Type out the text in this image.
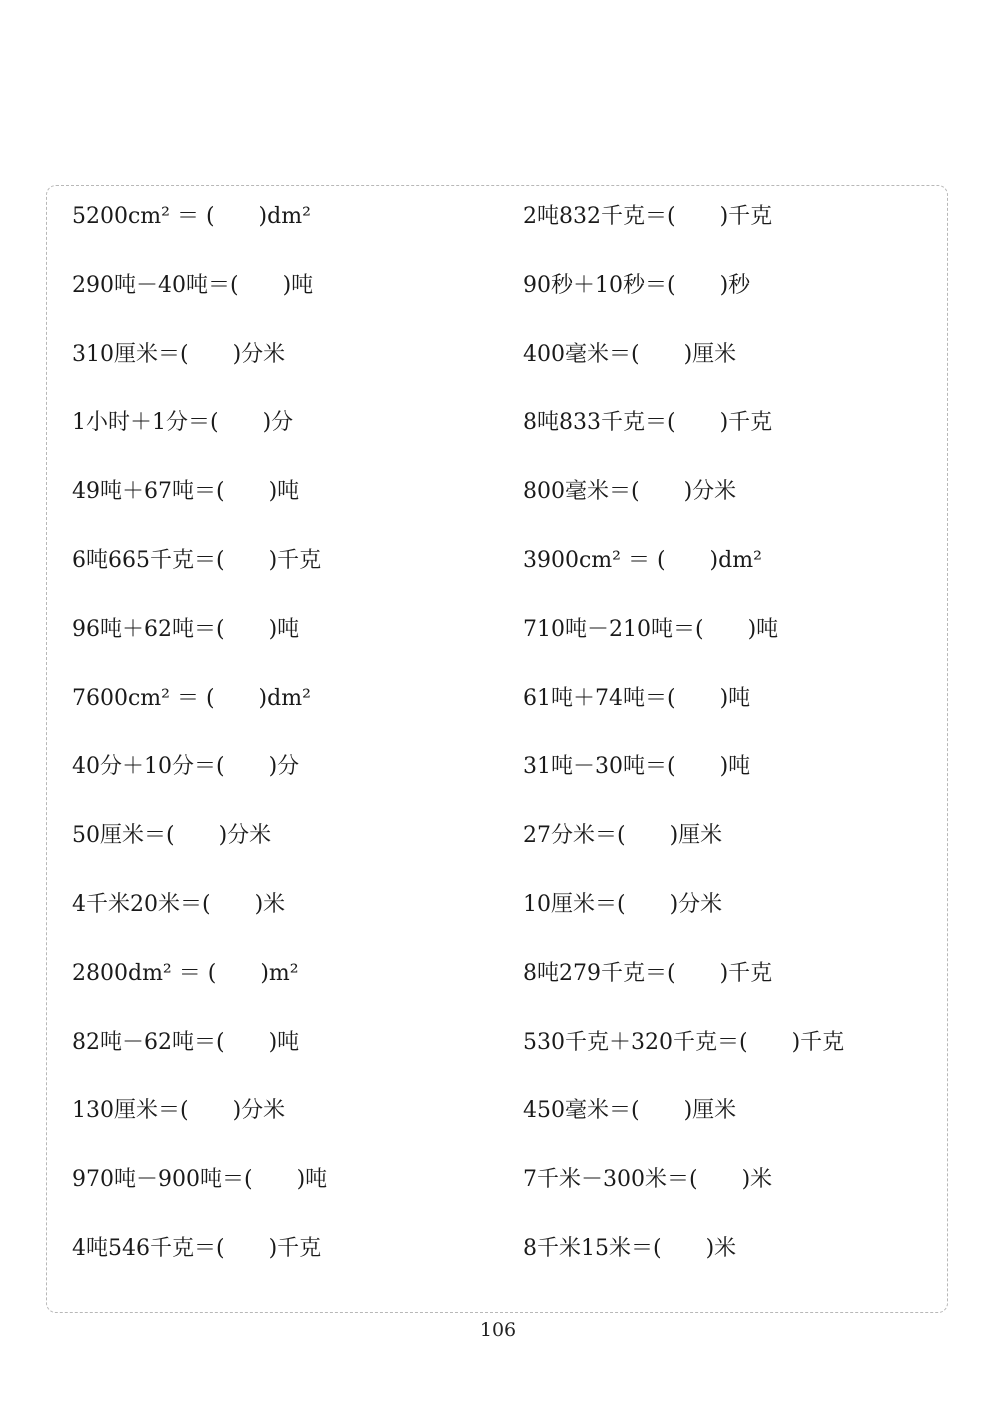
5200cm² ＝ (　　)dm²	2吨832千克＝(　　)千克
290吨－40吨＝(　　)吨	90秒＋10秒＝(　　)秒
310厘米＝(　　)分米	400毫米＝(　　)厘米
1小时＋1分＝(　　)分	8吨833千克＝(　　)千克
49吨＋67吨＝(　　)吨	800毫米＝(　　)分米
6吨665千克＝(　　)千克	3900cm² ＝ (　　)dm²
96吨＋62吨＝(　　)吨	710吨－210吨＝(　　)吨
7600cm² ＝ (　　)dm²	61吨＋74吨＝(　　)吨
40分＋10分＝(　　)分	31吨－30吨＝(　　)吨
50厘米＝(　　)分米	27分米＝(　　)厘米
4千米20米＝(　　)米	10厘米＝(　　)分米
2800dm² ＝ (　　)m²	8吨279千克＝(　　)千克
82吨－62吨＝(　　)吨	530千克＋320千克＝(　　)千克
130厘米＝(　　)分米	450毫米＝(　　)厘米
970吨－900吨＝(　　)吨	7千米－300米＝(　　)米
4吨546千克＝(　　)千克	8千米15米＝(　　)米
106
